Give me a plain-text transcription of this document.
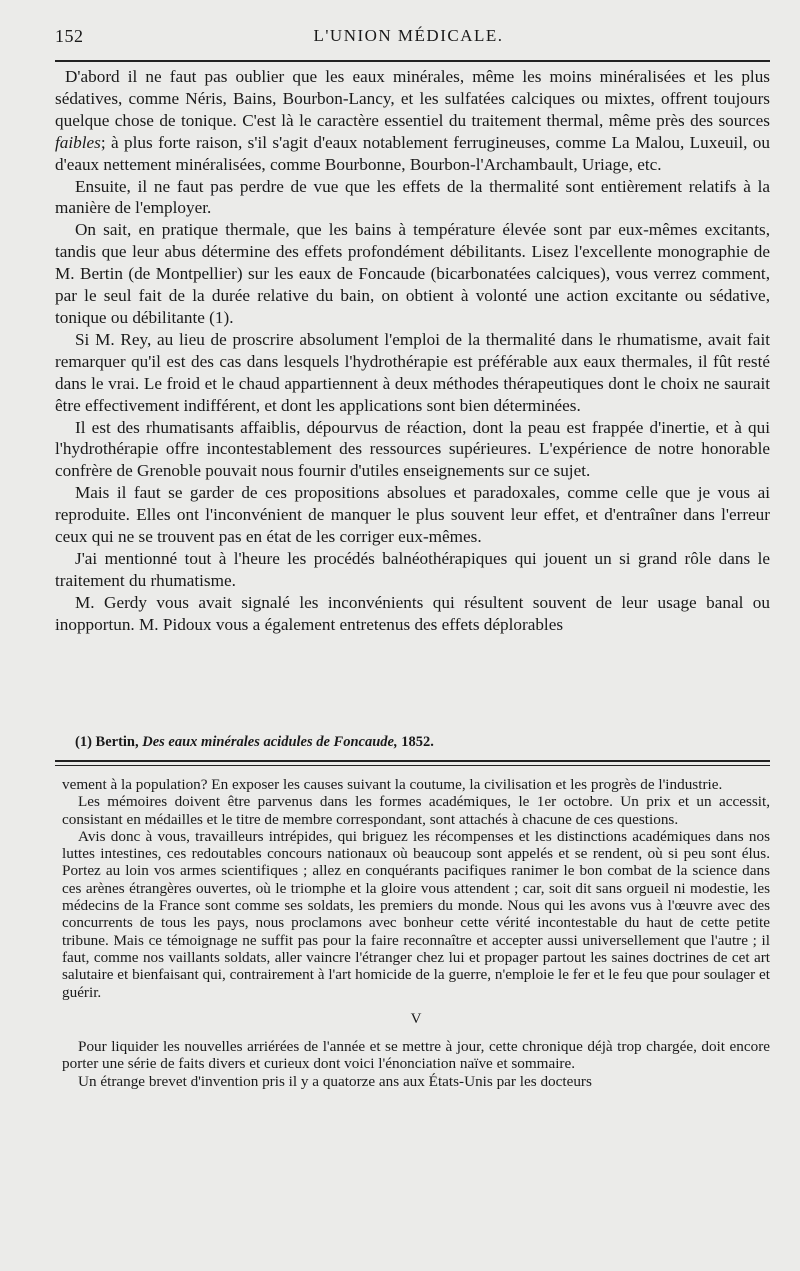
152	L'UNION MÉDICALE.

D'abord il ne faut pas oublier que les eaux minérales, même les moins minéralisées et les plus sédatives, comme Néris, Bains, Bourbon-Lancy, et les sulfatées calciques ou mixtes, offrent toujours quelque chose de tonique. C'est là le caractère essentiel du traitement thermal, même près des sources faibles; à plus forte raison, s'il s'agit d'eaux notablement ferrugineuses, comme La Malou, Luxeuil, ou d'eaux nettement minéralisées, comme Bourbonne, Bourbon-l'Archambault, Uriage, etc.

Ensuite, il ne faut pas perdre de vue que les effets de la thermalité sont entièrement relatifs à la manière de l'employer.

On sait, en pratique thermale, que les bains à température élevée sont par eux-mêmes excitants, tandis que leur abus détermine des effets profondément débilitants. Lisez l'excellente monographie de M. Bertin (de Montpellier) sur les eaux de Foncaude (bicarbonatées calciques), vous verrez comment, par le seul fait de la durée relative du bain, on obtient à volonté une action excitante ou sédative, tonique ou débilitante (1).

Si M. Rey, au lieu de proscrire absolument l'emploi de la thermalité dans le rhumatisme, avait fait remarquer qu'il est des cas dans lesquels l'hydrothérapie est préférable aux eaux thermales, il fût resté dans le vrai. Le froid et le chaud appartiennent à deux méthodes thérapeutiques dont le choix ne saurait être effectivement indifférent, et dont les applications sont bien déterminées.

Il est des rhumatisants affaiblis, dépourvus de réaction, dont la peau est frappée d'inertie, et à qui l'hydrothérapie offre incontestablement des ressources supérieures. L'expérience de notre honorable confrère de Grenoble pouvait nous fournir d'utiles enseignements sur ce sujet.

Mais il faut se garder de ces propositions absolues et paradoxales, comme celle que je vous ai reproduite. Elles ont l'inconvénient de manquer le plus souvent leur effet, et d'entraîner dans l'erreur ceux qui ne se trouvent pas en état de les corriger eux-mêmes.

J'ai mentionné tout à l'heure les procédés balnéothérapiques qui jouent un si grand rôle dans le traitement du rhumatisme.

M. Gerdy vous avait signalé les inconvénients qui résultent souvent de leur usage banal ou inopportun. M. Pidoux vous a également entretenus des effets déplorables

(1) Bertin, Des eaux minérales acidules de Foncaude, 1852.

vement à la population? En exposer les causes suivant la coutume, la civilisation et les progrès de l'industrie.

Les mémoires doivent être parvenus dans les formes académiques, le 1er octobre. Un prix et un accessit, consistant en médailles et le titre de membre correspondant, sont attachés à chacune de ces questions.

Avis donc à vous, travailleurs intrépides, qui briguez les récompenses et les distinctions académiques dans nos luttes intestines, ces redoutables concours nationaux où beaucoup sont appelés et se rendent, où si peu sont élus. Portez au loin vos armes scientifiques ; allez en conquérants pacifiques ranimer le bon combat de la science dans ces arènes étrangères ouvertes, où le triomphe et la gloire vous attendent ; car, soit dit sans orgueil ni modestie, les médecins de la France sont comme ses soldats, les premiers du monde. Nous qui les avons vus à l'œuvre avec des concurrents de tous les pays, nous proclamons avec bonheur cette vérité incontestable du haut de cette petite tribune. Mais ce témoignage ne suffit pas pour la faire reconnaître et accepter aussi universellement que l'autre ; il faut, comme nos vaillants soldats, aller vaincre l'étranger chez lui et propager partout les saines doctrines de cet art salutaire et bienfaisant qui, contrairement à l'art homicide de la guerre, n'emploie le fer et le feu que pour soulager et guérir.

V

Pour liquider les nouvelles arriérées de l'année et se mettre à jour, cette chronique déjà trop chargée, doit encore porter une série de faits divers et curieux dont voici l'énonciation naïve et sommaire.

Un étrange brevet d'invention pris il y a quatorze ans aux États-Unis par les docteurs
